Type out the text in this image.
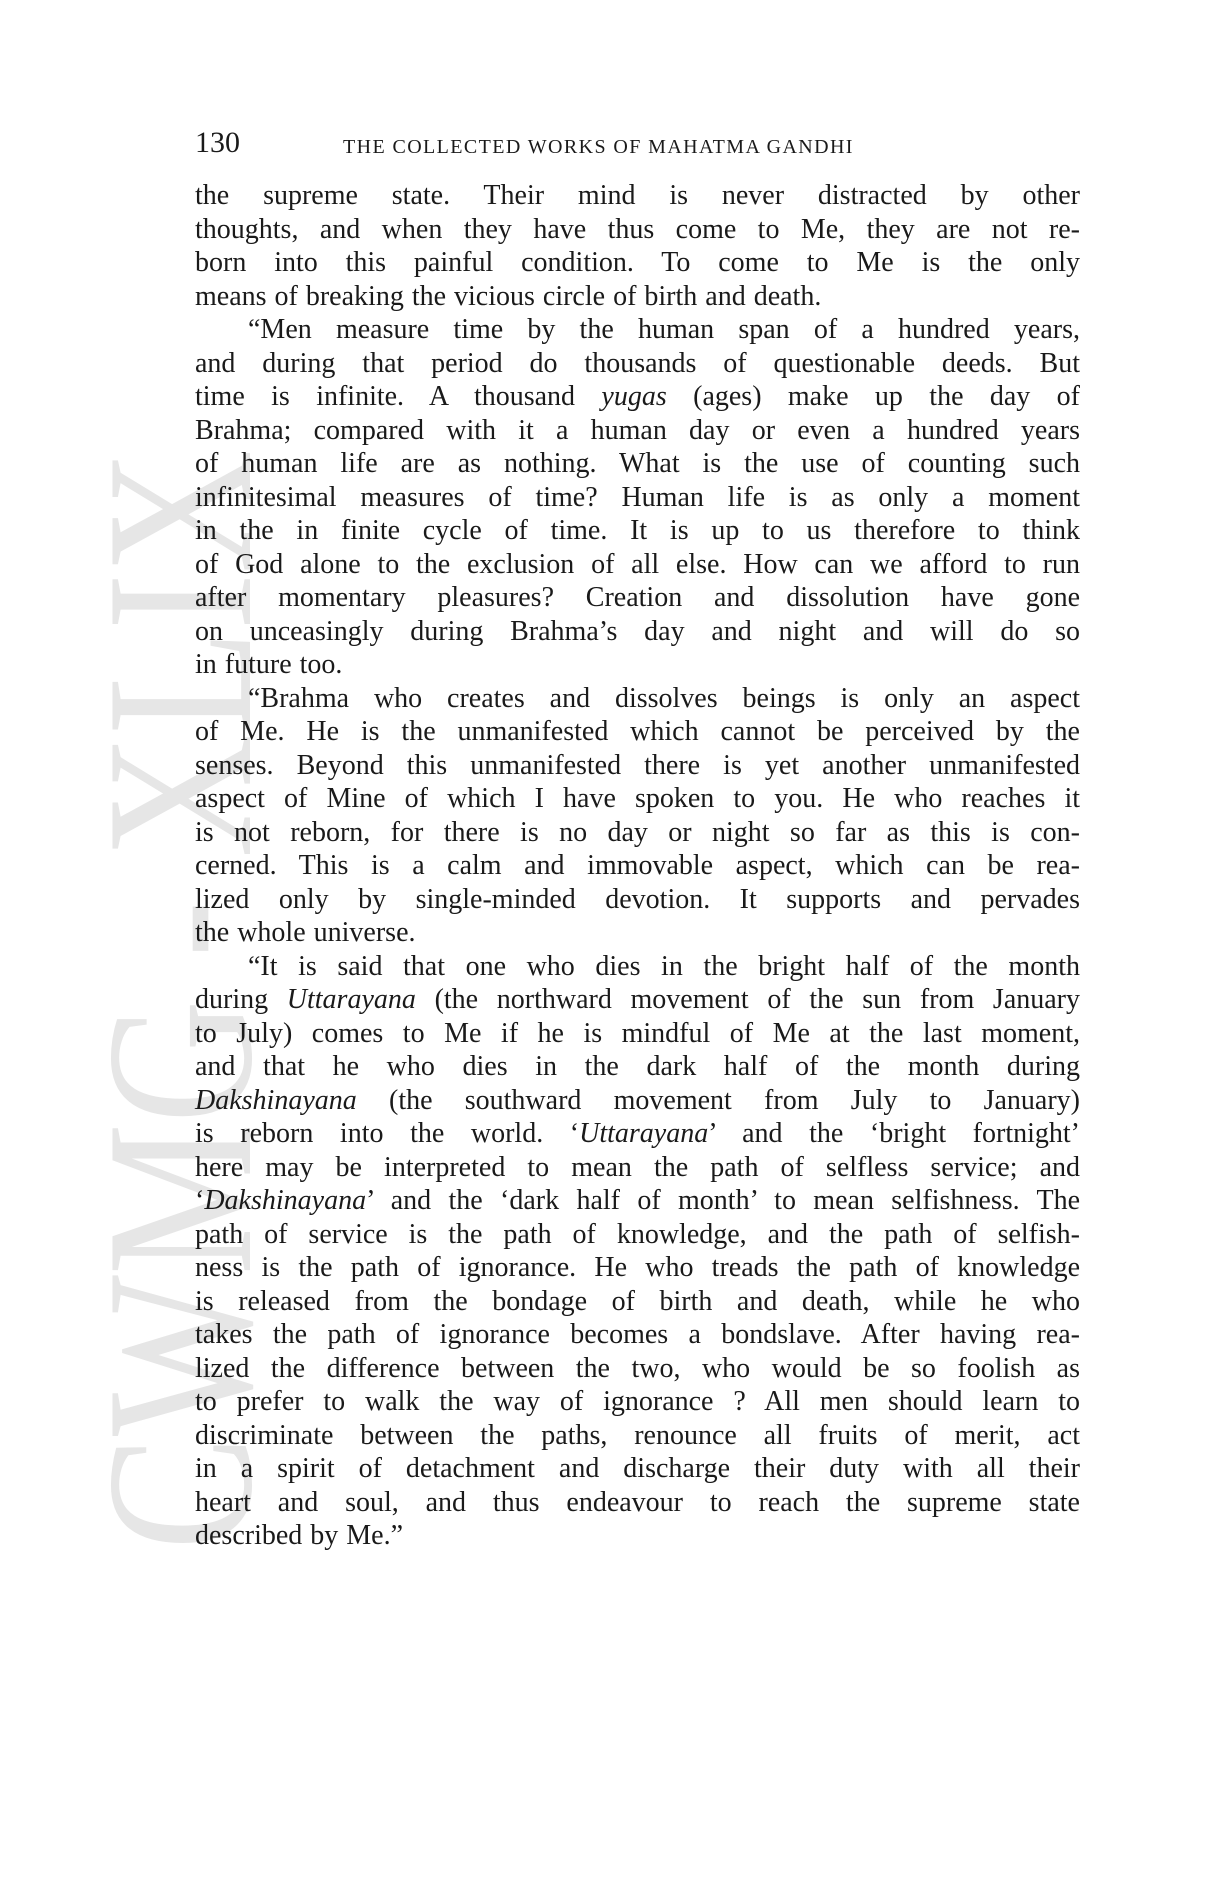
CWMG XL
130	THE COLLECTED WORKS OF MAHATMA GANDHI
the supreme state. Their mind is never distracted by other
thoughts, and when they have thus come to Me, they are not re-
born into this painful condition. To come to Me is the only
means of breaking the vicious circle of birth and death.
“Men measure time by the human span of a hundred years,
and during that period do thousands of questionable deeds. But
time is infinite. A thousand yugas (ages) make up the day of
Brahma; compared with it a human day or even a hundred years
of human life are as nothing. What is the use of counting such
infinitesimal measures of time? Human life is as only a moment
in the in finite cycle of time. It is up to us therefore to think
of God alone to the exclusion of all else. How can we afford to run
after momentary pleasures? Creation and dissolution have gone
on unceasingly during Brahma’s day and night and will do so
in future too.
“Brahma who creates and dissolves beings is only an aspect
of Me. He is the unmanifested which cannot be perceived by the
senses. Beyond this unmanifested there is yet another unmanifested
aspect of Mine of which I have spoken to you. He who reaches it
is not reborn, for there is no day or night so far as this is con-
cerned. This is a calm and immovable aspect, which can be rea-
lized only by single-minded devotion. It supports and pervades
the whole universe.
“It is said that one who dies in the bright half of the month
during Uttarayana (the northward movement of the sun from January
to July) comes to Me if he is mindful of Me at the last moment,
and that he who dies in the dark half of the month during
Dakshinayana (the southward movement from July to January)
is reborn into the world. ‘Uttarayana’ and the ‘bright fortnight’
here may be interpreted to mean the path of selfless service; and
‘Dakshinayana’ and the ‘dark half of month’ to mean selfishness. The
path of service is the path of knowledge, and the path of selfish-
ness is the path of ignorance. He who treads the path of knowledge
is released from the bondage of birth and death, while he who
takes the path of ignorance becomes a bondslave. After having rea-
lized the difference between the two, who would be so foolish as
to prefer to walk the way of ignorance ? All men should learn to
discriminate between the paths, renounce all fruits of merit, act
in a spirit of detachment and discharge their duty with all their
heart and soul, and thus endeavour to reach the supreme state
described by Me.”
